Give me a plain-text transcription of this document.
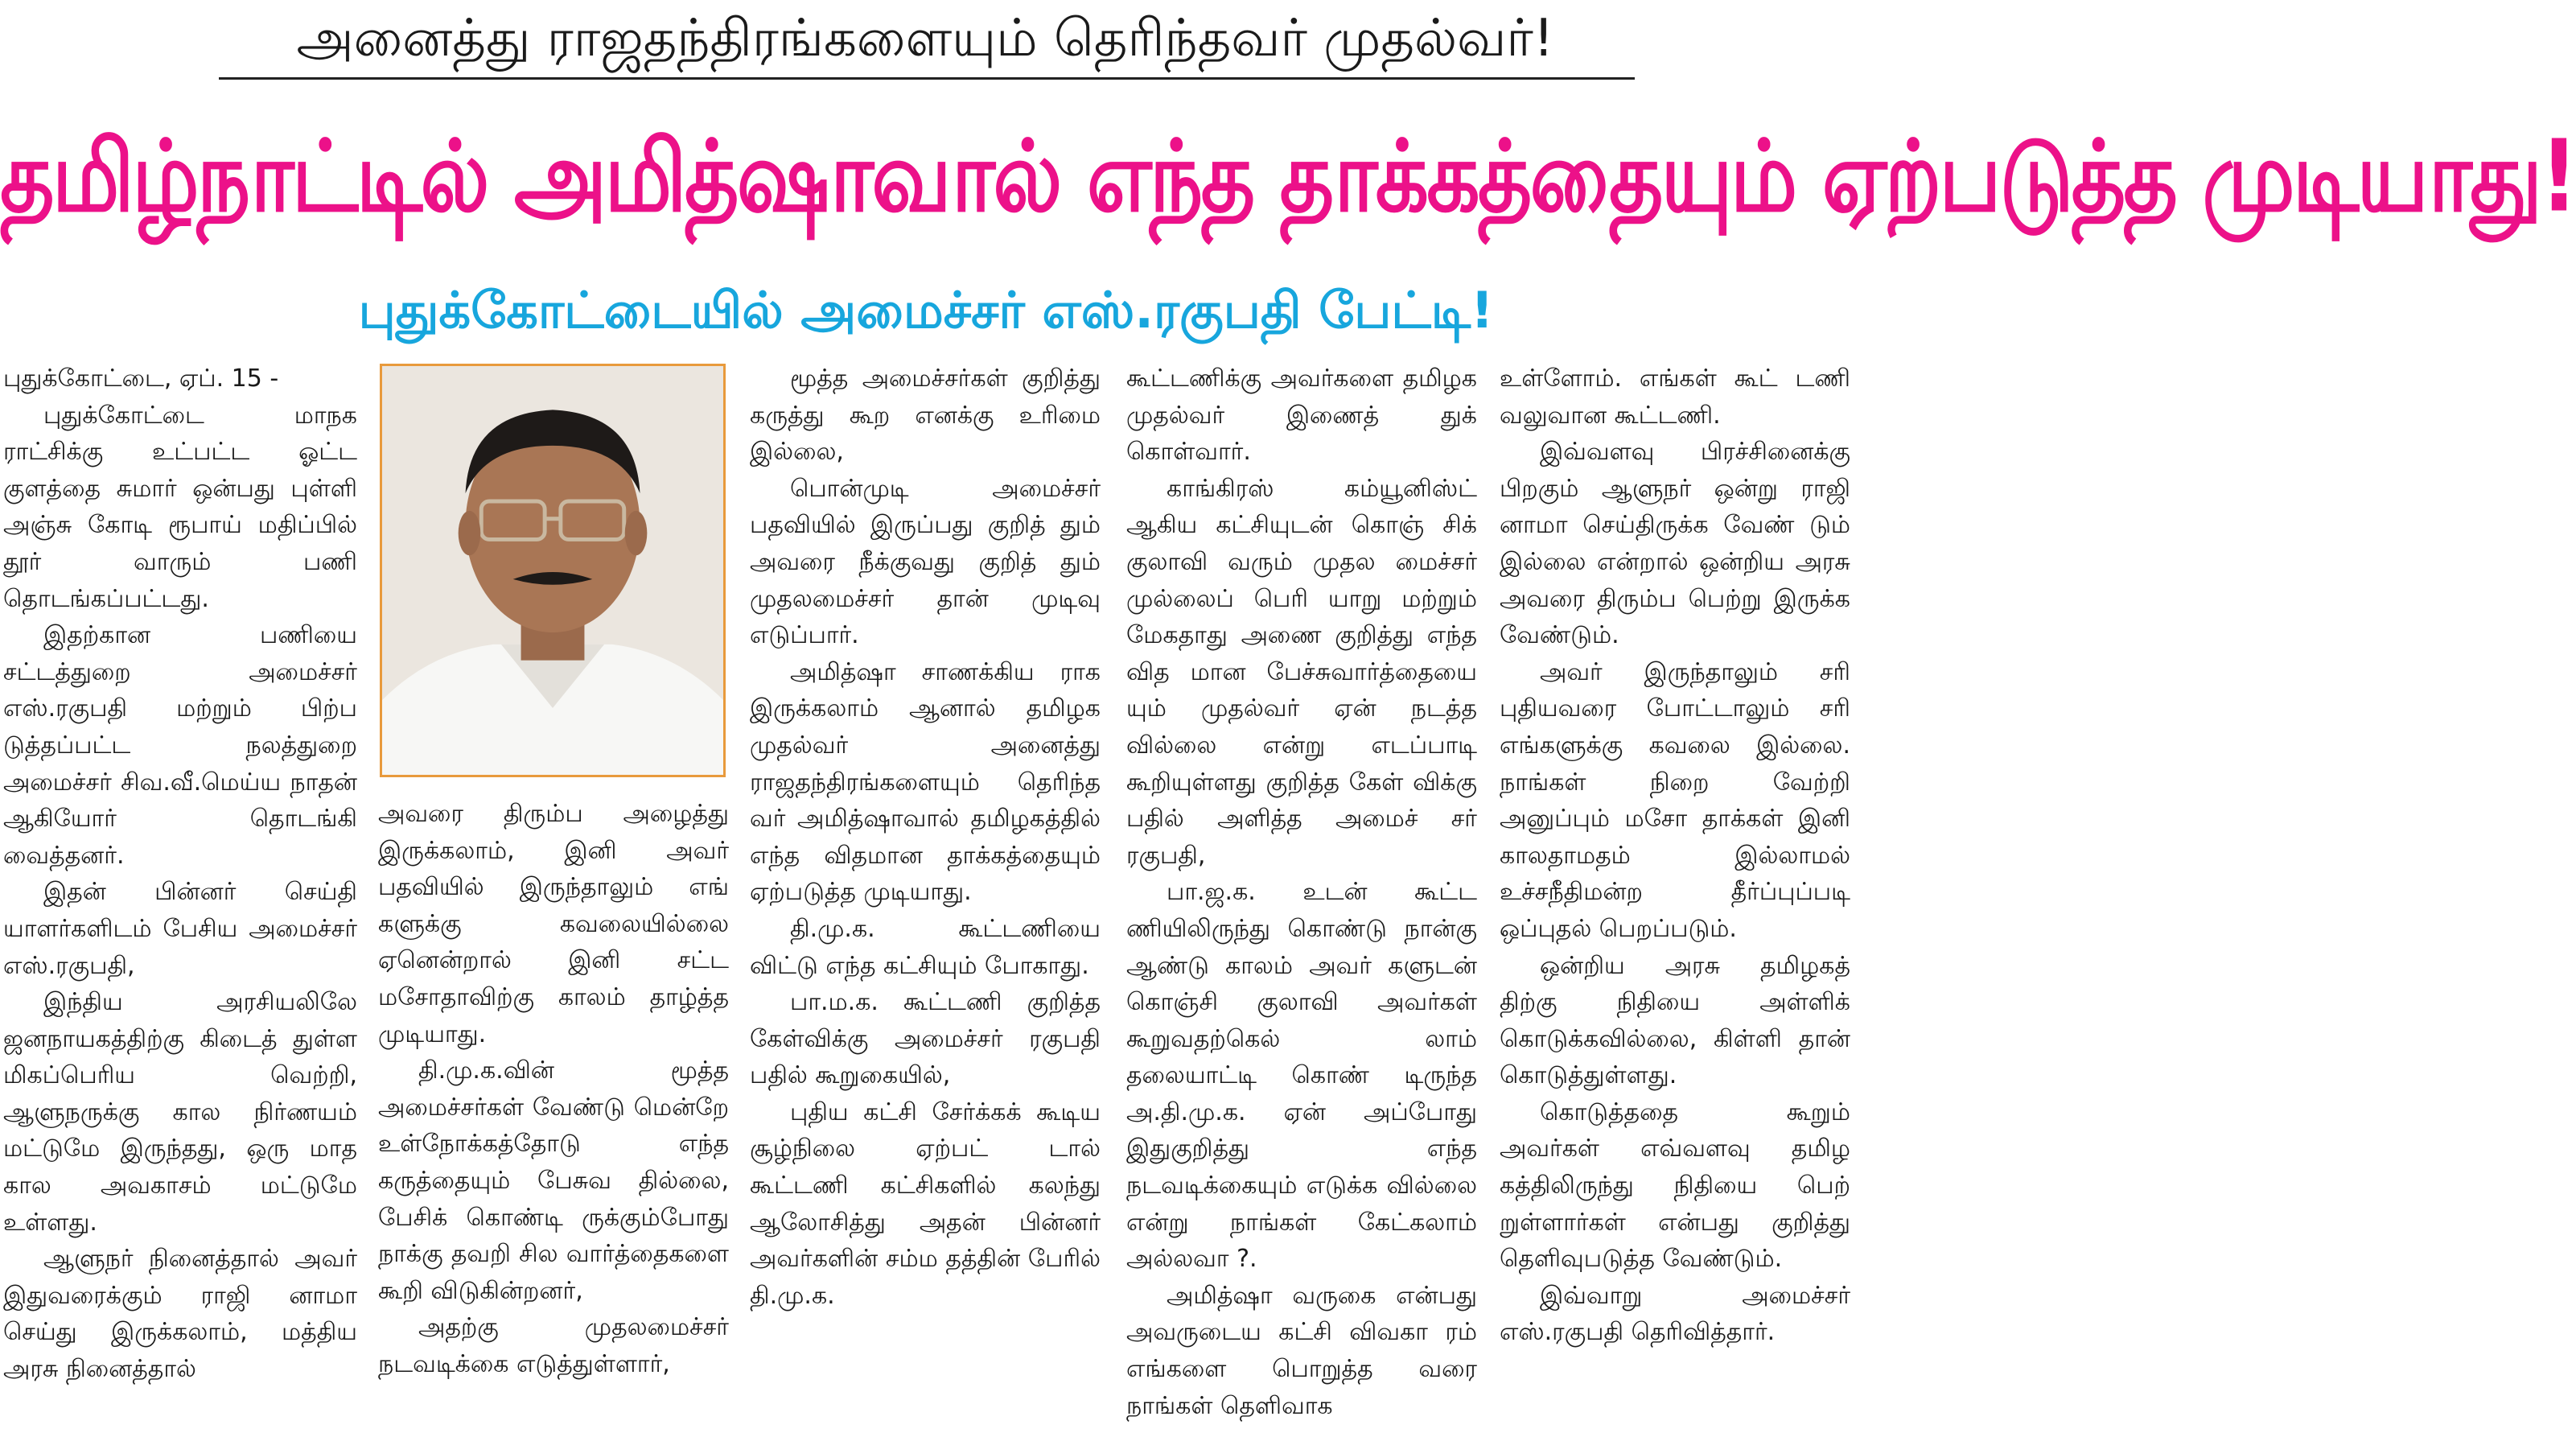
அனைத்து ராஜதந்திரங்களையும் தெரிந்தவர் முதல்வர்!
தமிழ்நாட்டில் அமித்ஷாவால் எந்த தாக்கத்தையும் ஏற்படுத்த முடியாது!
புதுக்கோட்டையில் அமைச்சர் எஸ்.ரகுபதி பேட்டி!

புதுக்கோட்டை, ஏப். 15 -

புதுக்கோட்டை மாநக ராட்சிக்கு உட்பட்ட ஓட்ட குளத்தை சுமார் ஒன்பது புள்ளி அஞ்சு கோடி ரூபாய் மதிப்பில் தூர் வாரும் பணி தொடங்கப்பட்டது.

இதற்கான பணியை சட்டத்துறை அமைச்சர் எஸ்.ரகுபதி மற்றும் பிற்ப டுத்தப்பட்ட நலத்துறை அமைச்சர் சிவ.வீ.மெய்ய நாதன் ஆகியோர் தொடங்கி வைத்தனர்.

இதன் பின்னர் செய்தி யாளர்களிடம் பேசிய அமைச்சர் எஸ்.ரகுபதி,

இந்திய அரசியலிலே ஜனநாயகத்திற்கு கிடைத் துள்ள மிகப்பெரிய வெற்றி, ஆளுநருக்கு கால நிர்ணயம் மட்டுமே இருந்தது, ஒரு மாத கால அவகாசம் மட்டுமே உள்ளது.

ஆளுநர் நினைத்தால் அவர் இதுவரைக்கும் ராஜி னாமா செய்து இருக்கலாம், மத்திய அரசு நினைத்தால்

அவரை திரும்ப அழைத்து இருக்கலாம், இனி அவர் பதவியில் இருந்தாலும் எங் களுக்கு கவலையில்லை ஏனென்றால் இனி சட்ட மசோதாவிற்கு காலம் தாழ்த்த முடியாது.

தி.மு.க.வின் மூத்த அமைச்சர்கள் வேண்டு மென்றே உள்நோக்கத்தோடு எந்த கருத்தையும் பேசுவ தில்லை, பேசிக் கொண்டி ருக்கும்போது நாக்கு தவறி சில வார்த்தைகளை கூறி விடுகின்றனர்,

அதற்கு முதலமைச்சர் நடவடிக்கை எடுத்துள்ளார்,

மூத்த அமைச்சர்கள் குறித்து கருத்து கூற எனக்கு உரிமை இல்லை,

பொன்முடி அமைச்சர் பதவியில் இருப்பது குறித் தும் அவரை நீக்குவது குறித் தும் முதலமைச்சர் தான் முடிவு எடுப்பார்.

அமித்ஷா சாணக்கிய ராக இருக்கலாம் ஆனால் தமிழக முதல்வர் அனைத்து ராஜதந்திரங்களையும் தெரிந்த வர் அமித்ஷாவால் தமிழகத்தில் எந்த விதமான தாக்கத்தையும் ஏற்படுத்த முடியாது.

தி.மு.க. கூட்டணியை விட்டு எந்த கட்சியும் போகாது.

பா.ம.க. கூட்டணி குறித்த கேள்விக்கு அமைச்சர் ரகுபதி பதில் கூறுகையில்,

புதிய கட்சி சேர்க்கக் கூடிய சூழ்நிலை ஏற்பட் டால் கூட்டணி கட்சிகளில் கலந்து ஆலோசித்து அதன் பின்னர் அவர்களின் சம்ம தத்தின் பேரில் தி.மு.க.

கூட்டணிக்கு அவர்களை தமிழக முதல்வர் இணைத் துக் கொள்வார்.

காங்கிரஸ் கம்யூனிஸ்ட் ஆகிய கட்சியுடன் கொஞ் சிக் குலாவி வரும் முதல மைச்சர் முல்லைப் பெரி யாறு மற்றும் மேகதாது அணை குறித்து எந்த வித மான பேச்சுவார்த்தையை யும் முதல்வர் ஏன் நடத்த வில்லை என்று எடப்பாடி கூறியுள்ளது குறித்த கேள் விக்கு பதில் அளித்த அமைச் சர் ரகுபதி,

பா.ஜ.க. உடன் கூட்ட ணியிலிருந்து கொண்டு நான்கு ஆண்டு காலம் அவர் களுடன் கொஞ்சி குலாவி அவர்கள் கூறுவதற்கெல் லாம் தலையாட்டி கொண் டிருந்த அ.தி.மு.க. ஏன் அப்போது இதுகுறித்து எந்த நடவடிக்கையும் எடுக்க வில்லை என்று நாங்கள் கேட்கலாம் அல்லவா ?.

அமித்ஷா வருகை என்பது அவருடைய கட்சி விவகா ரம் எங்களை பொறுத்த வரை நாங்கள் தெளிவாக

உள்ளோம். எங்கள் கூட் டணி வலுவான கூட்டணி.

இவ்வளவு பிரச்சினைக்கு பிறகும் ஆளுநர் ஒன்று ராஜி னாமா செய்திருக்க வேண் டும் இல்லை என்றால் ஒன்றிய அரசு அவரை திரும்ப பெற்று இருக்க வேண்டும்.

அவர் இருந்தாலும் சரி புதியவரை போட்டாலும் சரி எங்களுக்கு கவலை இல்லை. நாங்கள் நிறை வேற்றி அனுப்பும் மசோ தாக்கள் இனி காலதாமதம் இல்லாமல் உச்சநீதிமன்ற தீர்ப்புப்படி ஒப்புதல் பெறப்படும்.

ஒன்றிய அரசு தமிழகத் திற்கு நிதியை அள்ளிக் கொடுக்கவில்லை, கிள்ளி தான் கொடுத்துள்ளது.

கொடுத்ததை கூறும் அவர்கள் எவ்வளவு தமிழ கத்திலிருந்து நிதியை பெற் றுள்ளார்கள் என்பது குறித்து தெளிவுபடுத்த வேண்டும்.

இவ்வாறு அமைச்சர் எஸ்.ரகுபதி தெரிவித்தார்.
